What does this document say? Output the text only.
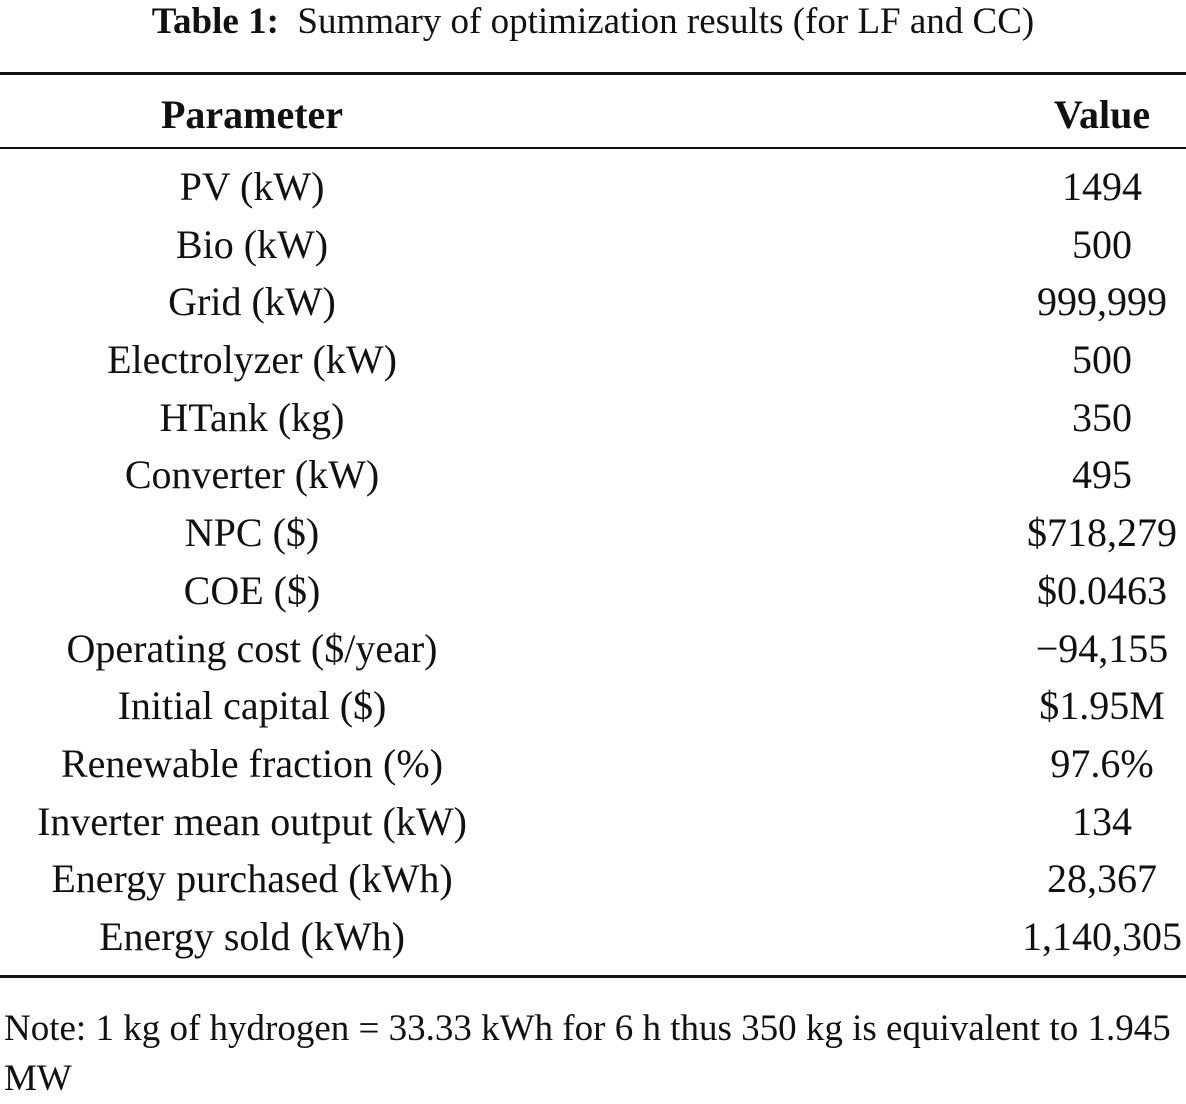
Table 1: Summary of optimization results (for LF and CC)
Parameter	Value
PV (kW)	1494
Bio (kW)	500
Grid (kW)	999,999
Electrolyzer (kW)	500
HTank (kg)	350
Converter (kW)	495
NPC ($)	$718,279
COE ($)	$0.0463
Operating cost ($/year)	−94,155
Initial capital ($)	$1.95M
Renewable fraction (%)	97.6%
Inverter mean output (kW)	134
Energy purchased (kWh)	28,367
Energy sold (kWh)	1,140,305
Note: 1 kg of hydrogen = 33.33 kWh for 6 h thus 350 kg is equivalent to 1.945 MW
